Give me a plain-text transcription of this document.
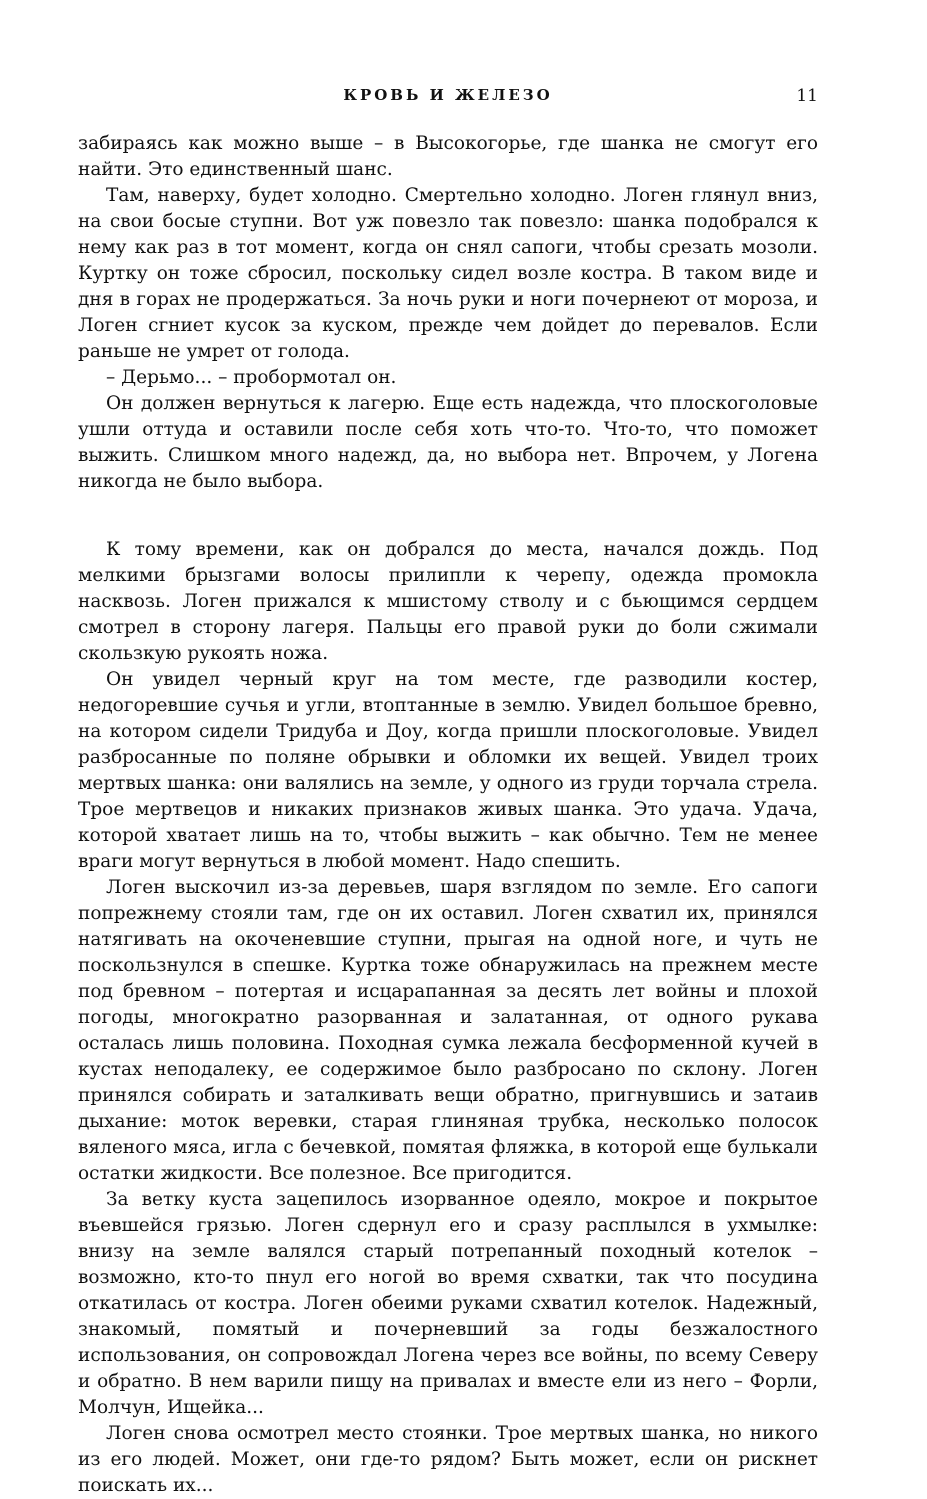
КРОВЬ И ЖЕЛЕЗО	11

забираясь как можно выше – в Высокогорье, где шанка не смогут его найти. Это единственный шанс.

Там, наверху, будет холодно. Смертельно холодно. Логен глянул вниз, на свои босые ступни. Вот уж повезло так повезло: шанка подобрался к нему как раз в тот момент, когда он снял сапоги, чтобы срезать мозоли. Куртку он тоже сбросил, поскольку сидел возле костра. В таком виде и дня в горах не продержаться. За ночь руки и ноги почернеют от мороза, и Логен сгниет кусок за куском, прежде чем дойдет до перевалов. Если раньше не умрет от голода.

– Дерьмо... – пробормотал он.

Он должен вернуться к лагерю. Еще есть надежда, что плоскоголовые ушли оттуда и оставили после себя хоть что-то. Что-то, что поможет выжить. Слишком много надежд, да, но выбора нет. Впрочем, у Логена никогда не было выбора.

К тому времени, как он добрался до места, начался дождь. Под мелкими брызгами волосы прилипли к черепу, одежда промокла насквозь. Логен прижался к мшистому стволу и с бьющимся сердцем смотрел в сторону лагеря. Пальцы его правой руки до боли сжимали скользкую рукоять ножа.

Он увидел черный круг на том месте, где разводили костер, недогоревшие сучья и угли, втоптанные в землю. Увидел большое бревно, на котором сидели Тридуба и Доу, когда пришли плоскоголовые. Увидел разбросанные по поляне обрывки и обломки их вещей. Увидел троих мертвых шанка: они валялись на земле, у одного из груди торчала стрела. Трое мертвецов и никаких признаков живых шанка. Это удача. Удача, которой хватает лишь на то, чтобы выжить – как обычно. Тем не менее враги могут вернуться в любой момент. Надо спешить.

Логен выскочил из-за деревьев, шаря взглядом по земле. Его сапоги попрежнему стояли там, где он их оставил. Логен схватил их, принялся натягивать на окоченевшие ступни, прыгая на одной ноге, и чуть не поскользнулся в спешке. Куртка тоже обнаружилась на прежнем месте под бревном – потертая и исцарапанная за десять лет войны и плохой погоды, многократно разорванная и залатанная, от одного рукава осталась лишь половина. Походная сумка лежала бесформенной кучей в кустах неподалеку, ее содержимое было разбросано по склону. Логен принялся собирать и заталкивать вещи обратно, пригнувшись и затаив дыхание: моток веревки, старая глиняная трубка, несколько полосок вяленого мяса, игла с бечевкой, помятая фляжка, в которой еще булькали остатки жидкости. Все полезное. Все пригодится.

За ветку куста зацепилось изорванное одеяло, мокрое и покрытое въевшейся грязью. Логен сдернул его и сразу расплылся в ухмылке: внизу на земле валялся старый потрепанный походный котелок – возможно, кто-то пнул его ногой во время схватки, так что посудина откатилась от костра. Логен обеими руками схватил котелок. Надежный, знакомый, помятый и почерневший за годы безжалостного использования, он сопровождал Логена через все войны, по всему Северу и обратно. В нем варили пищу на привалах и вместе ели из него – Форли, Молчун, Ищейка...

Логен снова осмотрел место стоянки. Трое мертвых шанка, но никого из его людей. Может, они где-то рядом? Быть может, если он рискнет поискать их...
